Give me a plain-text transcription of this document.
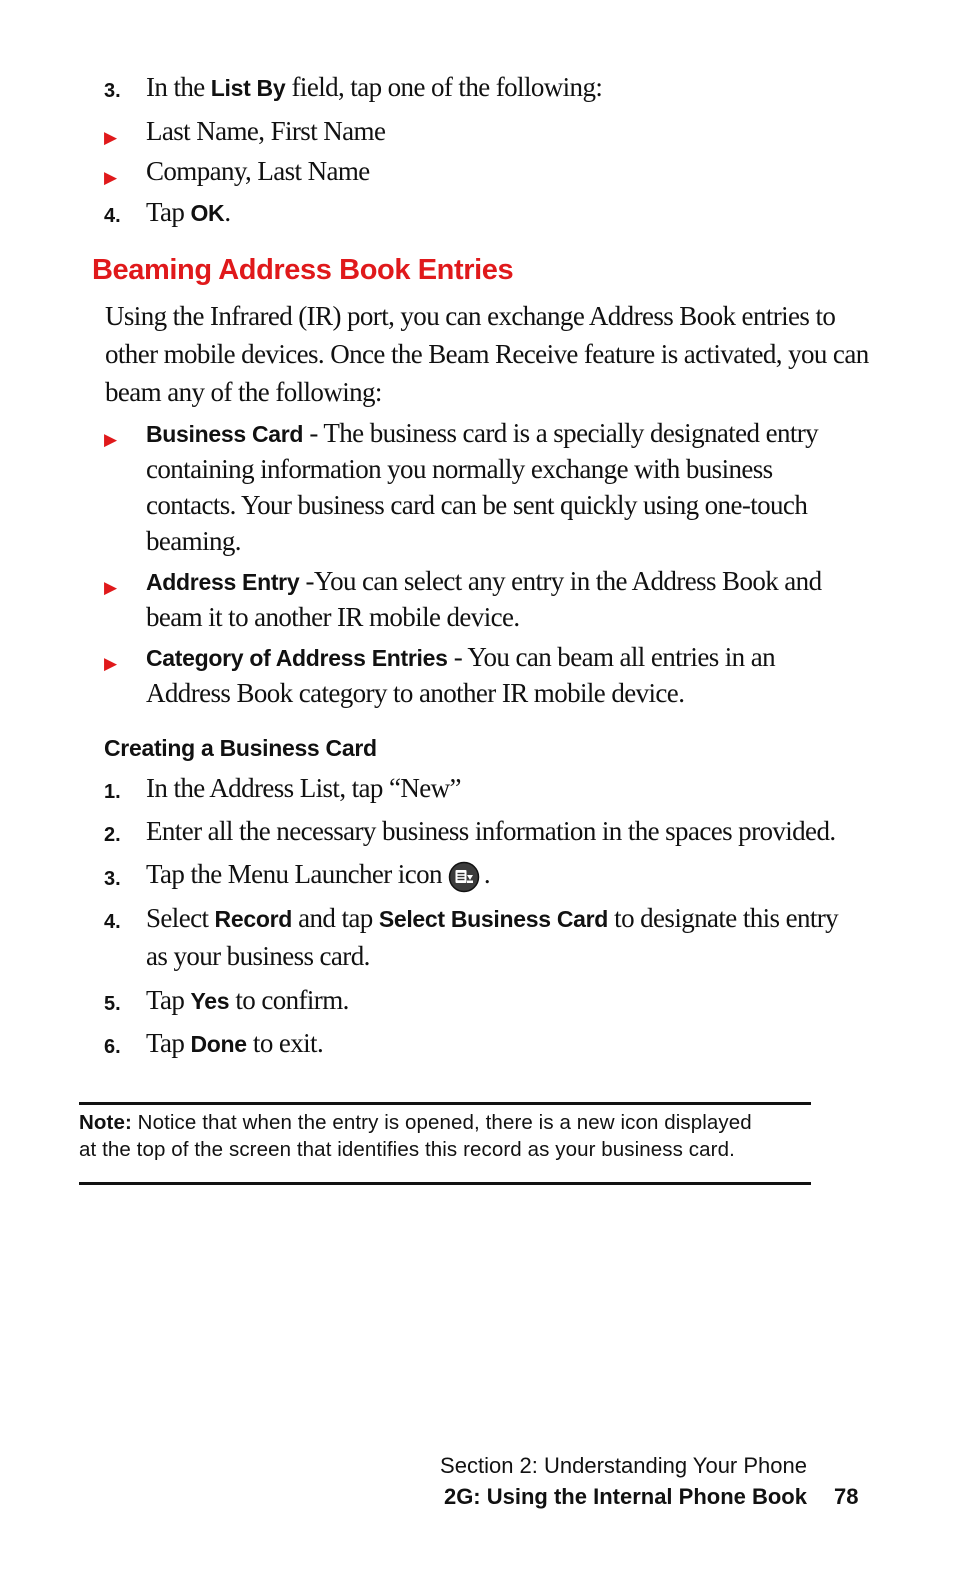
3. In the List By field, tap one of the following:
▶ Last Name, First Name
▶ Company, Last Name
4. Tap OK.
Beaming Address Book Entries
Using the Infrared (IR) port, you can exchange Address Book entries to
other mobile devices. Once the Beam Receive feature is activated, you can
beam any of the following:
▶ Business Card - The business card is a specially designated entry
containing information you normally exchange with business
contacts. Your business card can be sent quickly using one-touch
beaming.
▶ Address Entry -You can select any entry in the Address Book and
beam it to another IR mobile device.
▶ Category of Address Entries - You can beam all entries in an
Address Book category to another IR mobile device.
Creating a Business Card
1. In the Address List, tap “New”
2. Enter all the necessary business information in the spaces provided.
3. Tap the Menu Launcher icon .
4. Select Record and tap Select Business Card to designate this entry
as your business card.
5. Tap Yes to confirm.
6. Tap Done to exit.
Note: Notice that when the entry is opened, there is a new icon displayed
at the top of the screen that identifies this record as your business card.
Section 2: Understanding Your Phone
2G: Using the Internal Phone Book 78
